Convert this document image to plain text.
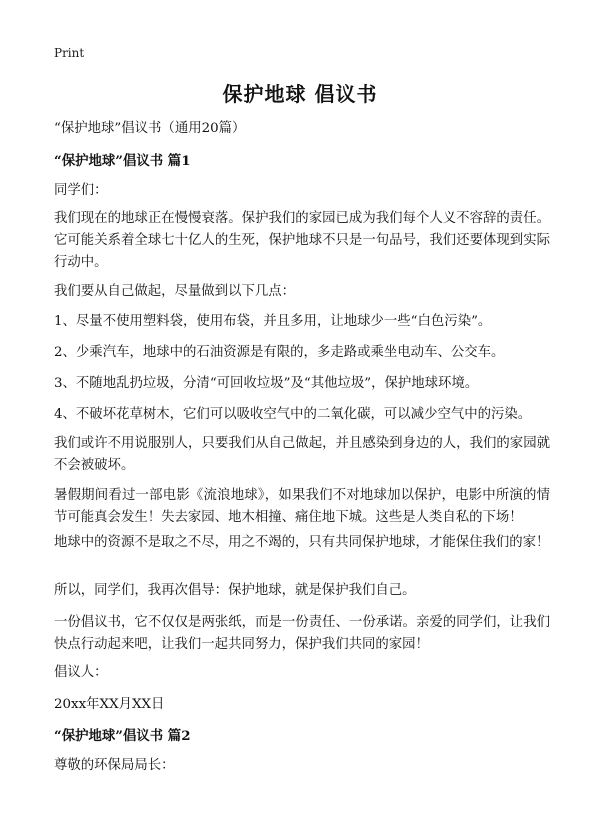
Print
保护地球 倡议书
“保护地球”倡议书（通用20篇）
“保护地球”倡议书 篇1
同学们：
我们现在的地球正在慢慢衰落。保护我们的家园已成为我们每个人义不容辞的责任。它可能关系着全球七十亿人的生死，保护地球不只是一句品号，我们还要体现到实际行动中。
我们要从自己做起，尽量做到以下几点：
1、尽量不使用塑料袋，使用布袋，并且多用，让地球少一些“白色污染”。
2、少乘汽车，地球中的石油资源是有限的，多走路或乘坐电动车、公交车。
3、不随地乱扔垃圾，分清“可回收垃圾”及“其他垃圾”，保护地球环境。
4、不破坏花草树木，它们可以吸收空气中的二氧化碳，可以减少空气中的污染。
我们或许不用说服别人，只要我们从自己做起，并且感染到身边的人，我们的家园就不会被破坏。
暑假期间看过一部电影《流浪地球》，如果我们不对地球加以保护，电影中所演的情节可能真会发生！失去家园、地木相撞、痛住地下城。这些是人类自私的下场！
地球中的资源不是取之不尽，用之不竭的，只有共同保护地球，才能保住我们的家！
所以，同学们，我再次倡导：保护地球，就是保护我们自己。
一份倡议书，它不仅仅是两张纸，而是一份责任、一份承诺。亲爱的同学们，让我们快点行动起来吧，让我们一起共同努力，保护我们共同的家园！
倡议人：
20xx年XX月XX日
“保护地球”倡议书 篇2
尊敬的环保局局长：
